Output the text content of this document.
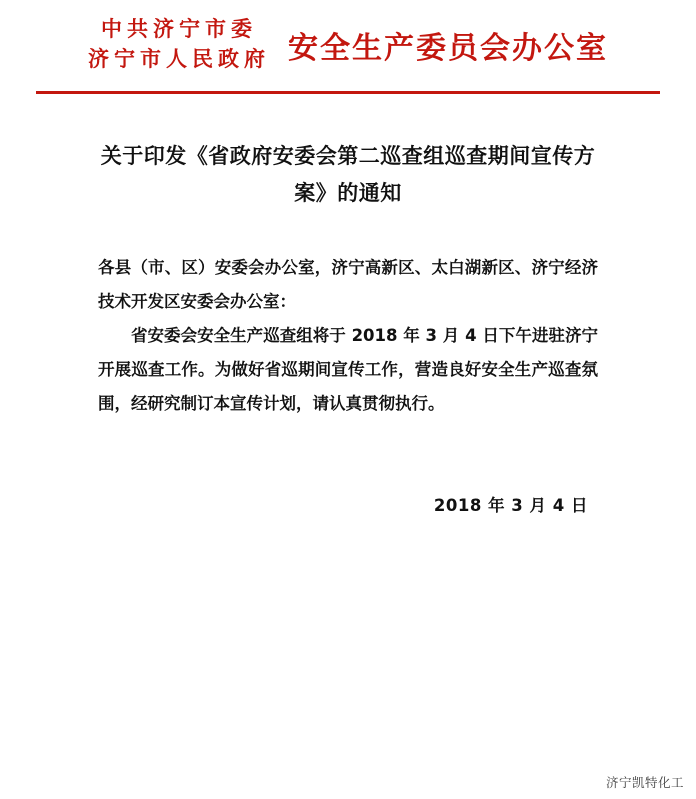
中共济宁市委
济宁市人民政府 安全生产委员会办公室
关于印发《省政府安委会第二巡查组巡查期间宣传方案》的通知

各县（市、区）安委会办公室，济宁高新区、太白湖新区、济宁经济技术开发区安委会办公室：

省安委会安全生产巡查组将于 2018 年 3 月 4 日下午进驻济宁开展巡查工作。为做好省巡期间宣传工作，营造良好安全生产巡查氛围，经研究制订本宣传计划，请认真贯彻执行。

2018 年 3 月 4 日
济宁凯特化工
